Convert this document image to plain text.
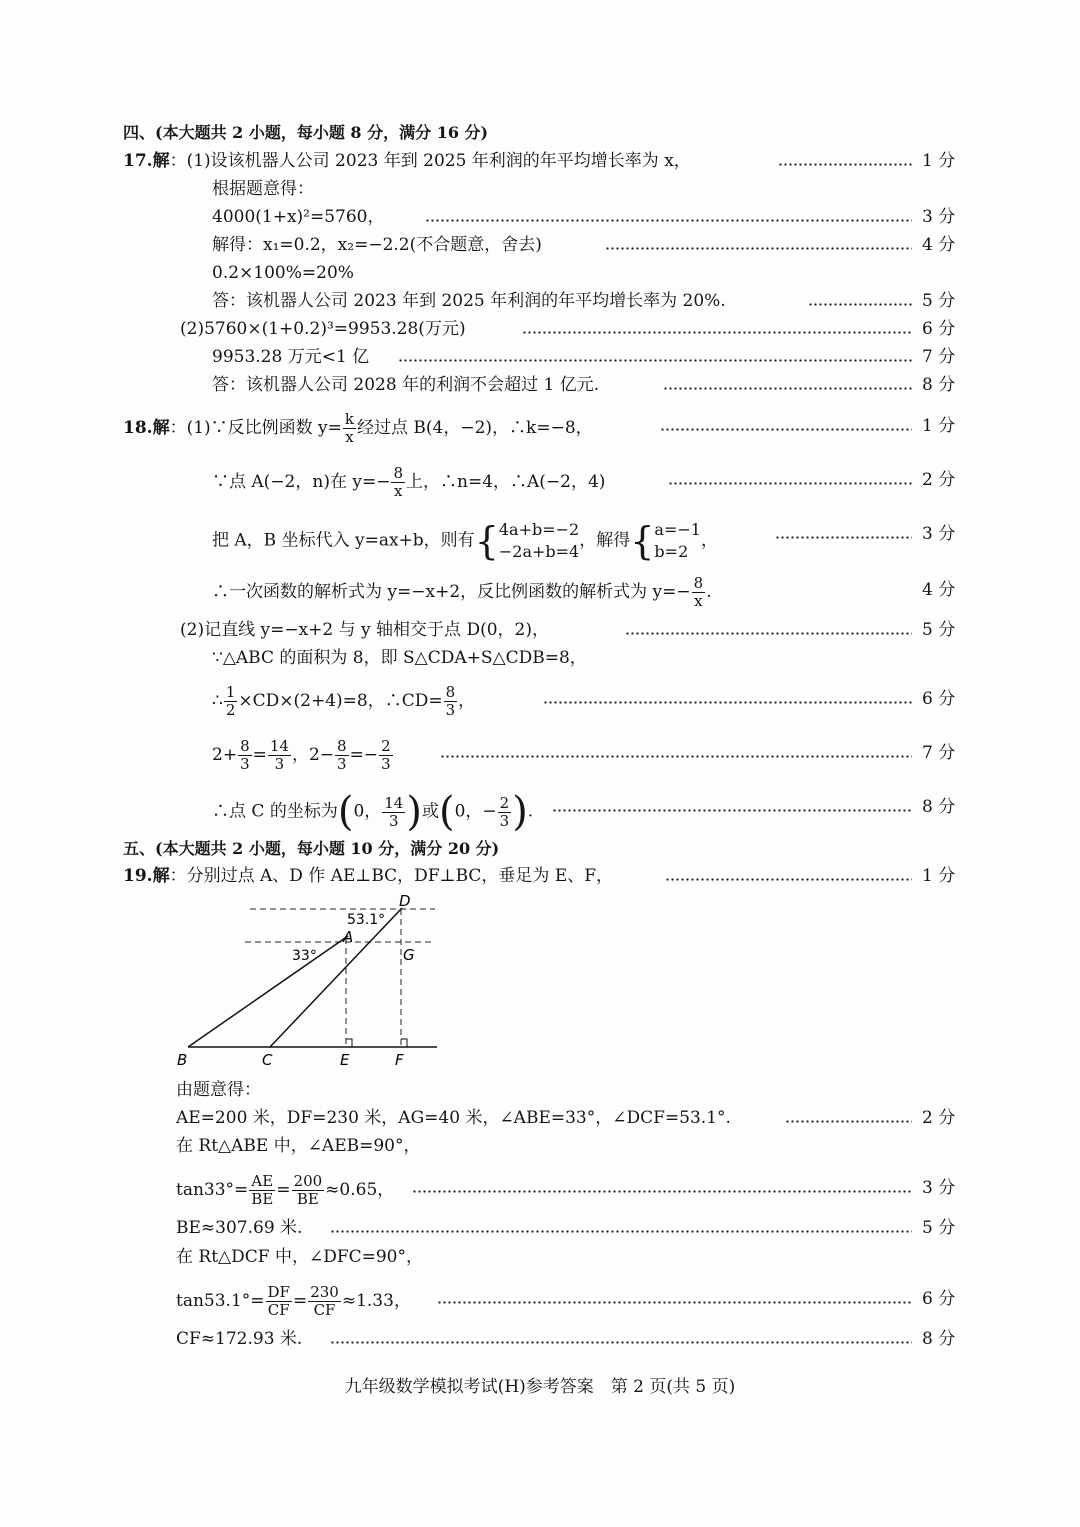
四、(本大题共 2 小题，每小题 8 分，满分 16 分)
17.解：(1)设该机器人公司 2023 年到 2025 年利润的年平均增长率为 x，	1 分
根据题意得：
4000(1+x)²=5760，	3 分
解得：x₁=0.2，x₂=−2.2(不合题意，舍去)	4 分
0.2×100%=20%
答：该机器人公司 2023 年到 2025 年利润的年平均增长率为 20%.	5 分
(2)5760×(1+0.2)³=9953.28(万元)	6 分
9953.28 万元<1 亿	7 分
答：该机器人公司 2028 年的利润不会超过 1 亿元.	8 分
18.解：(1)∵反比例函数 $y= \frac{k}{x}$ 经过点 B(4，−2)，∴k=−8，	1 分
∵点 A(−2，n)在 $y=- \frac{8}{x}$ 上，∴n=4，∴A(−2，4)	2 分
把 A，B 坐标代入 y=ax+b，则有{ 4a+b=−2
−2a+b=4
，解得{ a=−1
b=2
，	3 分
∴一次函数的解析式为 y=−x+2，反比例函数的解析式为 $y=- \frac{8}{x}$ .	4 分
(2)记直线 y=−x+2 与 y 轴相交于点 D(0，2)，	5 分
∵△ABC 的面积为 8，即 S△CDA+S△CDB=8，
∴ $\frac{1}{2} \times CD\times(2+4)=8$，∴CD= $\frac{8}{3}$ ，	6 分
$2+ \frac{8}{3} = \frac{14}{3}$ ，$2- \frac{8}{3} =- \frac{2}{3}$	7 分
∴点 C 的坐标为(0， $\frac{14}{3}$ )或(0，− $\frac{2}{3}$ ).	8 分
五、(本大题共 2 小题，每小题 10 分，满分 20 分)
19.解：分别过点 A、D 作 AE⊥BC，DF⊥BC，垂足为 E、F，	1 分
B	C	E	F
A
D
G
33°
53.1°
由题意得：
AE=200 米，DF=230 米，AG=40 米，∠ABE=33°，∠DCF=53.1°.	2 分
在 Rt△ABE 中，∠AEB=90°，
$\tan 33^\circ= \frac{AE}{BE} = \frac{200}{BE} \approx 0.65$，	3 分
BE≈307.69 米.	5 分
在 Rt△DCF 中，∠DFC=90°，
$\tan 53.1^\circ= \frac{DF}{CF} = \frac{230}{CF} \approx 1.33$，	6 分
CF≈172.93 米.	8 分
九年级数学模拟考试(H)参考答案　第 2 页(共 5 页)
